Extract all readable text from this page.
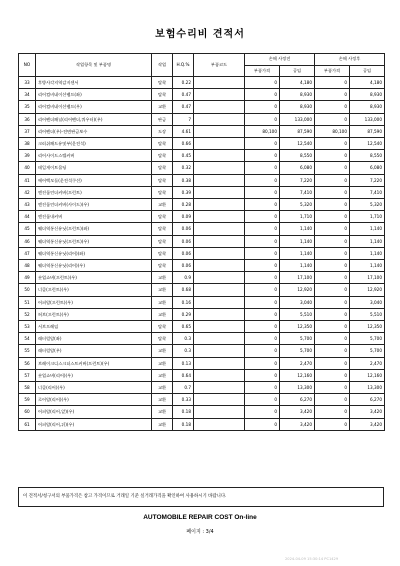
보험수리비 견적서
NO	작업항목 및 부품명	작업	H.Q.%	부품코드	손해 사정전		손해 사정후	
					부품가격	공임	부품가격	공임
33	후방사각지역감지센서	탈착	0.22		0	4,180	0	4,180
34	리어컴비네이션램프(좌)	탈착	0.47		0	8,930	0	8,930
35	리어컴비네이션램프(우)	교환	0.47		0	8,930	0	8,930
36	리어펜더패널(리어펜더,쿼우터)(우)	판금	7		0	133,000	0	133,000
37	리어펜더(우)-전면판금보수	도장	4.61		80,100	87,590	80,100	87,590
38	크러쉬패드유및부(운전석)	탈착	0.66		0	12,540	0	12,540
39	리어사이드스텝커버	탈착	0.45		0	8,550	0	8,550
40	테일게이트몰딩	탈착	0.32		0	6,080	0	6,080
41	에어백모듈(운전석쿠션)	탈착	0.38		0	7,220	0	7,220
42	엔진룸언더커버(프런트)	탈착	0.39		0	7,410	0	7,410
43	엔진룸언더커버(사이드)(우)	교환	0.28		0	5,320	0	5,320
44	엔진룸내커버	탈착	0.09		0	1,710	0	1,710
45	웨더역통신유닛(프런트)(좌)	탈착	0.06		0	1,140	0	1,140
46	웨더역통신유닛(프런트)(우)	탈착	0.06		0	1,140	0	1,140
47	웨더역통신유닛(리어)(좌)	탈착	0.06		0	1,140	0	1,140
48	웨더역통신유닛(리어)(우)	탈착	0.06		0	1,140	0	1,140
49	숏업쇼버(프런트)(우)	교환	0.9		0	17,100	0	17,100
50	너클(프런트)(우)	교환	0.68		0	12,920	0	12,920
51	어퍼암(프런트)(우)	교환	0.16		0	3,040	0	3,040
52	허브(프런트)(우)	교환	0.29		0	5,510	0	5,510
53	서브프레임	탈착	0.65		0	12,350	0	12,350
54	래터럴암(좌)	탈착	0.3		0	5,700	0	5,700
55	래터럴암(우)	교환	0.3		0	5,700	0	5,700
56	브레이크디스크더스트커버(프런트)(우)	교환	0.13		0	2,470	0	2,470
57	숏업쇼버(리어)(우)	교환	0.64		0	12,160	0	12,160
58	너클(리어)(우)	교환	0.7		0	13,300	0	13,300
59	로어암(리어)(우)	교환	0.33		0	6,270	0	6,270
60	어퍼암(리어,앞)(우)	교환	0.18		0	3,420	0	3,420
61	어퍼암(리어,뒤)(우)	교환	0.18		0	3,420	0	3,420
이 견적서/청구서의 부품가격은 참고 가격이므로 거래일 기준 실거래가격을 확인하여 사용하시기 바랍니다.
AUTOMOBILE REPAIR COST On-line
페이지 : 3/4
2024-04-09 15:30:14 PC1429
